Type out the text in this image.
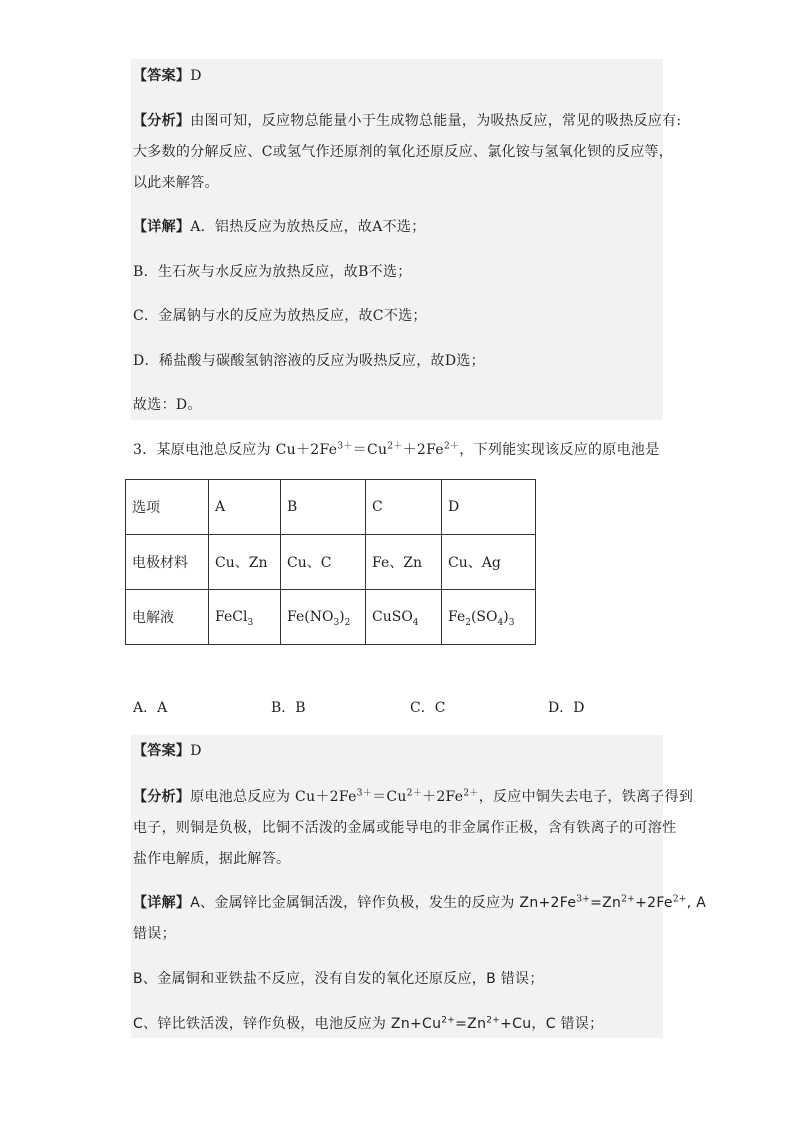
【答案】D
【分析】由图可知，反应物总能量小于生成物总能量，为吸热反应，常见的吸热反应有:
大多数的分解反应、C或氢气作还原剂的氧化还原反应、氯化铵与氢氧化钡的反应等，
以此来解答。
【详解】A．铝热反应为放热反应，故A不选；
B．生石灰与水反应为放热反应，故B不选；
C．金属钠与水的反应为放热反应，故C不选；
D．稀盐酸与碳酸氢钠溶液的反应为吸热反应，故D选；
故选：D。
3．某原电池总反应为 $Cu+2Fe^{3+}=Cu^{2+}+2Fe^{2+}$，下列能实现该反应的原电池是
选项	A	B	C	D
电极材料	Cu、Zn	Cu、C	Fe、Zn	Cu、Ag
电解液	FeCl$_3$	$Fe(NO_3)_2$	CuSO$_4$	$Fe_2(SO_4)_3$
A．A	B．B	C．C	D．D
【答案】D
【分析】原电池总反应为 $Cu+2Fe^{3+}=Cu^{2+}+2Fe^{2+}$，反应中铜失去电子，铁离子得到
电子，则铜是负极，比铜不活泼的金属或能导电的非金属作正极，含有铁离子的可溶性
盐作电解质，据此解答。
【详解】A、金属锌比金属铜活泼，锌作负极，发生的反应为 $Zn+2Fe^{3+}=Zn^{2+}+2Fe^{2+}$, A
错误；
B、金属铜和亚铁盐不反应，没有自发的氧化还原反应，B 错误；
C、锌比铁活泼，锌作负极，电池反应为 $Zn+Cu^{2+}=Zn^{2+}+Cu$，C 错误；
